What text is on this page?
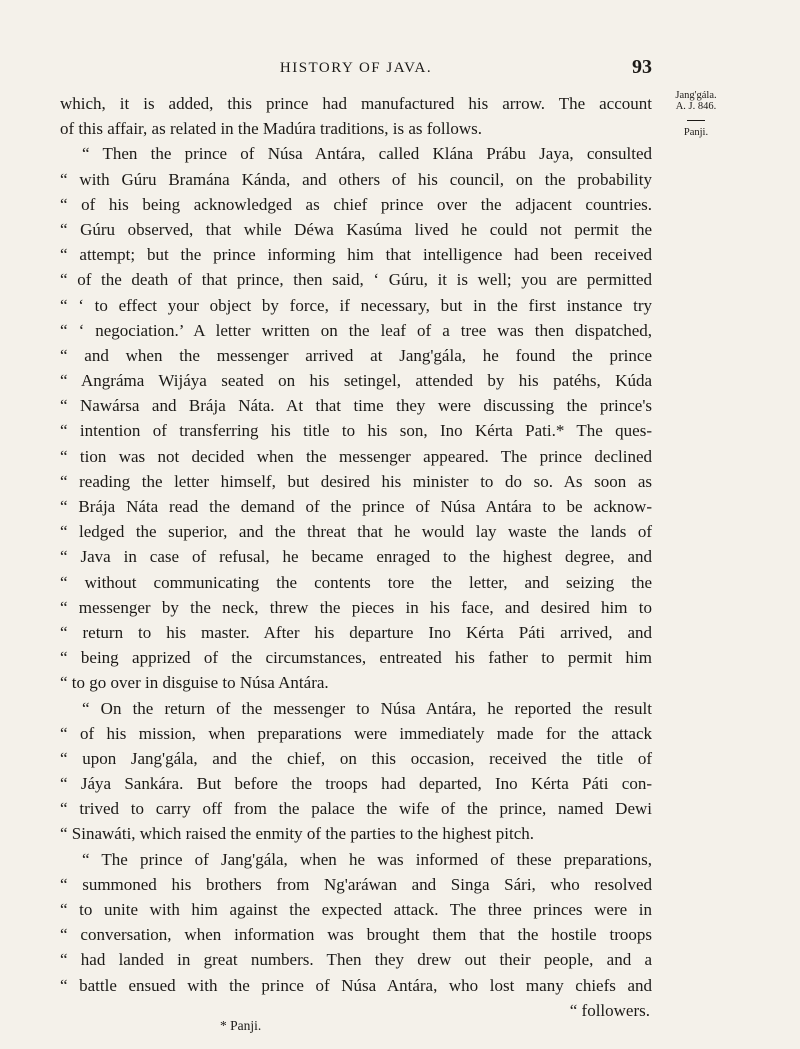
HISTORY OF JAVA.	93
Jang'gála.
A. J. 846.
Panji.
which, it is added, this prince had manufactured his arrow. The account
of this affair, as related in the Madúra traditions, is as follows.
“ Then the prince of Núsa Antára, called Klána Prábu Jaya, consulted
“ with Gúru Bramána Kánda, and others of his council, on the probability
“ of his being acknowledged as chief prince over the adjacent countries.
“ Gúru observed, that while Déwa Kasúma lived he could not permit the
“ attempt; but the prince informing him that intelligence had been received
“ of the death of that prince, then said, ‘ Gúru, it is well; you are permitted
“ ‘ to effect your object by force, if necessary, but in the first instance try
“ ‘ negociation.’ A letter written on the leaf of a tree was then dispatched,
“ and when the messenger arrived at Jang'gála, he found the prince
“ Angráma Wijáya seated on his setingel, attended by his patéhs, Kúda
“ Nawársa and Brája Náta. At that time they were discussing the prince's
“ intention of transferring his title to his son, Ino Kérta Pati.* The ques-
“ tion was not decided when the messenger appeared. The prince declined
“ reading the letter himself, but desired his minister to do so. As soon as
“ Brája Náta read the demand of the prince of Núsa Antára to be acknow-
“ ledged the superior, and the threat that he would lay waste the lands of
“ Java in case of refusal, he became enraged to the highest degree, and
“ without communicating the contents tore the letter, and seizing the
“ messenger by the neck, threw the pieces in his face, and desired him to
“ return to his master. After his departure Ino Kérta Páti arrived, and
“ being apprized of the circumstances, entreated his father to permit him
“ to go over in disguise to Núsa Antára.
“ On the return of the messenger to Núsa Antára, he reported the result
“ of his mission, when preparations were immediately made for the attack
“ upon Jang'gála, and the chief, on this occasion, received the title of
“ Jáya Sankára. But before the troops had departed, Ino Kérta Páti con-
“ trived to carry off from the palace the wife of the prince, named Dewi
“ Sinawáti, which raised the enmity of the parties to the highest pitch.
“ The prince of Jang'gála, when he was informed of these preparations,
“ summoned his brothers from Ng'aráwan and Singa Sári, who resolved
“ to unite with him against the expected attack. The three princes were in
“ conversation, when information was brought them that the hostile troops
“ had landed in great numbers. Then they drew out their people, and a
“ battle ensued with the prince of Núsa Antára, who lost many chiefs and
“ followers.
* Panji.
